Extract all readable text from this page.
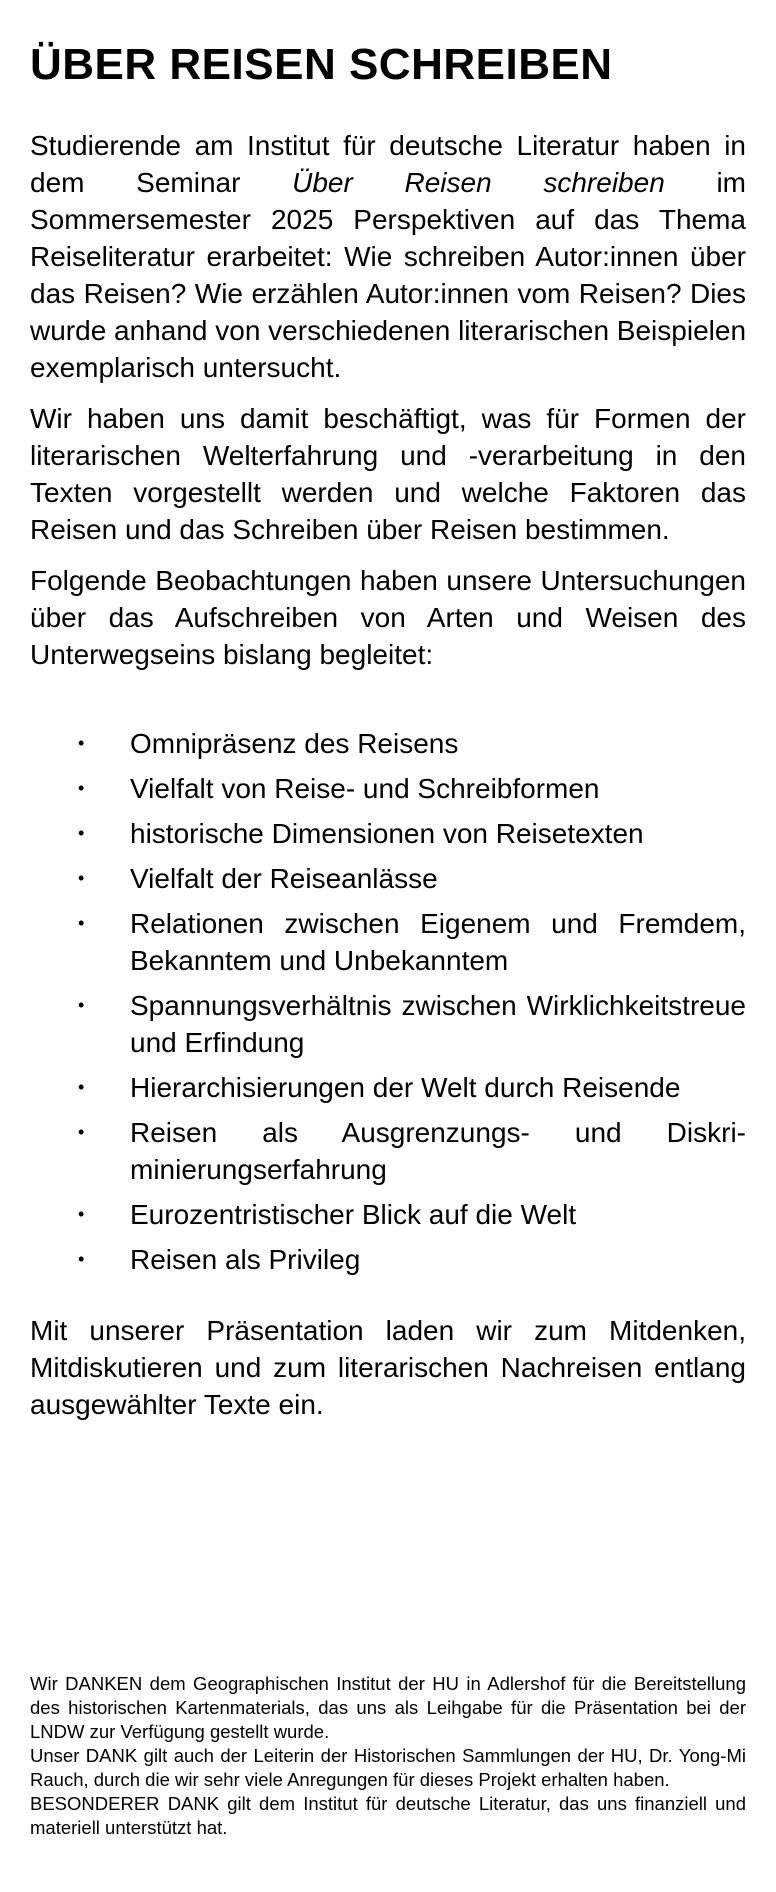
ÜBER REISEN SCHREIBEN

Studierende am Institut für deutsche Literatur haben in dem Seminar Über Reisen schreiben im Sommersemester 2025 Perspektiven auf das Thema Reiseliteratur erarbeitet: Wie schreiben Autor:innen über das Reisen? Wie erzählen Autor:innen vom Reisen? Dies wurde anhand von verschiedenen literarischen Beispielen exemplarisch untersucht.

Wir haben uns damit beschäftigt, was für Formen der literarischen Welterfahrung und -verarbeitung in den Texten vorgestellt werden und welche Faktoren das Reisen und das Schreiben über Reisen bestimmen.

Folgende Beobachtungen haben unsere Untersuchungen über das Aufschreiben von Arten und Weisen des Unterwegseins bislang begleitet:

•	Omnipräsenz des Reisens
•	Vielfalt von Reise- und Schreibformen
•	historische Dimensionen von Reisetexten
•	Vielfalt der Reiseanlässe
•	Relationen zwischen Eigenem und Fremdem, Bekanntem und Unbekanntem
•	Spannungsverhältnis zwischen Wirklichkeitstreue und Erfindung
•	Hierarchisierungen der Welt durch Reisende
•	Reisen als Ausgrenzungs- und Diskriminierungserfahrung
•	Eurozentristischer Blick auf die Welt
•	Reisen als Privileg

Mit unserer Präsentation laden wir zum Mitdenken, Mitdiskutieren und zum literarischen Nachreisen entlang ausgewählter Texte ein.

Wir DANKEN dem Geographischen Institut der HU in Adlershof für die Bereitstellung des historischen Kartenmaterials, das uns als Leihgabe für die Präsentation bei der LNDW zur Verfügung gestellt wurde.

Unser DANK gilt auch der Leiterin der Historischen Sammlungen der HU, Dr. Yong-Mi Rauch, durch die wir sehr viele Anregungen für dieses Projekt erhalten haben.

BESONDERER DANK gilt dem Institut für deutsche Literatur, das uns finanziell und materiell unterstützt hat.
